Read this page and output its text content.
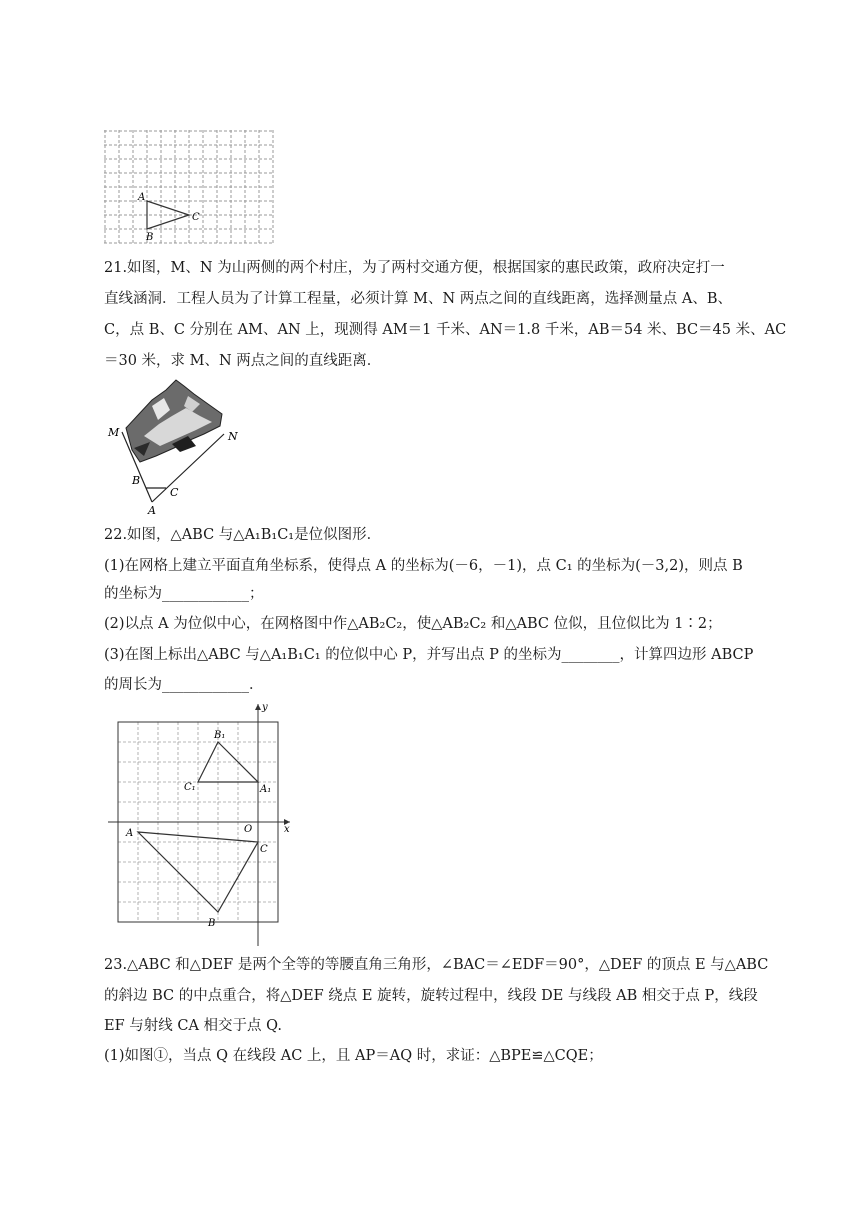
A
B
C
21.如图，M、N 为山两侧的两个村庄，为了两村交通方便，根据国家的惠民政策，政府决定打一
直线涵洞．工程人员为了计算工程量，必须计算 M、N 两点之间的直线距离，选择测量点 A、B、
C，点 B、C 分别在 AM、AN 上，现测得 AM＝1 千米、AN＝1.8 千米，AB＝54 米、BC＝45 米、AC
＝30 米，求 M、N 两点之间的直线距离．
M	N
B
C
A
22.如图，△ABC 与△A₁B₁C₁是位似图形．
(1)在网格上建立平面直角坐标系，使得点 A 的坐标为(－6，－1)，点 C₁ 的坐标为(－3,2)，则点 B
的坐标为____________；
(2)以点 A 为位似中心，在网格图中作△AB₂C₂，使△AB₂C₂ 和△ABC 位似，且位似比为 1∶2；
(3)在图上标出△ABC 与△A₁B₁C₁ 的位似中心 P，并写出点 P 的坐标为________，计算四边形 ABCP
的周长为____________．
y
x
O
B₁
A₁
C₁
A
C
B
23.△ABC 和△DEF 是两个全等的等腰直角三角形，∠BAC＝∠EDF＝90°，△DEF 的顶点 E 与△ABC
的斜边 BC 的中点重合，将△DEF 绕点 E 旋转，旋转过程中，线段 DE 与线段 AB 相交于点 P，线段
EF 与射线 CA 相交于点 Q.
(1)如图①，当点 Q 在线段 AC 上，且 AP＝AQ 时，求证：△BPE≌△CQE；
